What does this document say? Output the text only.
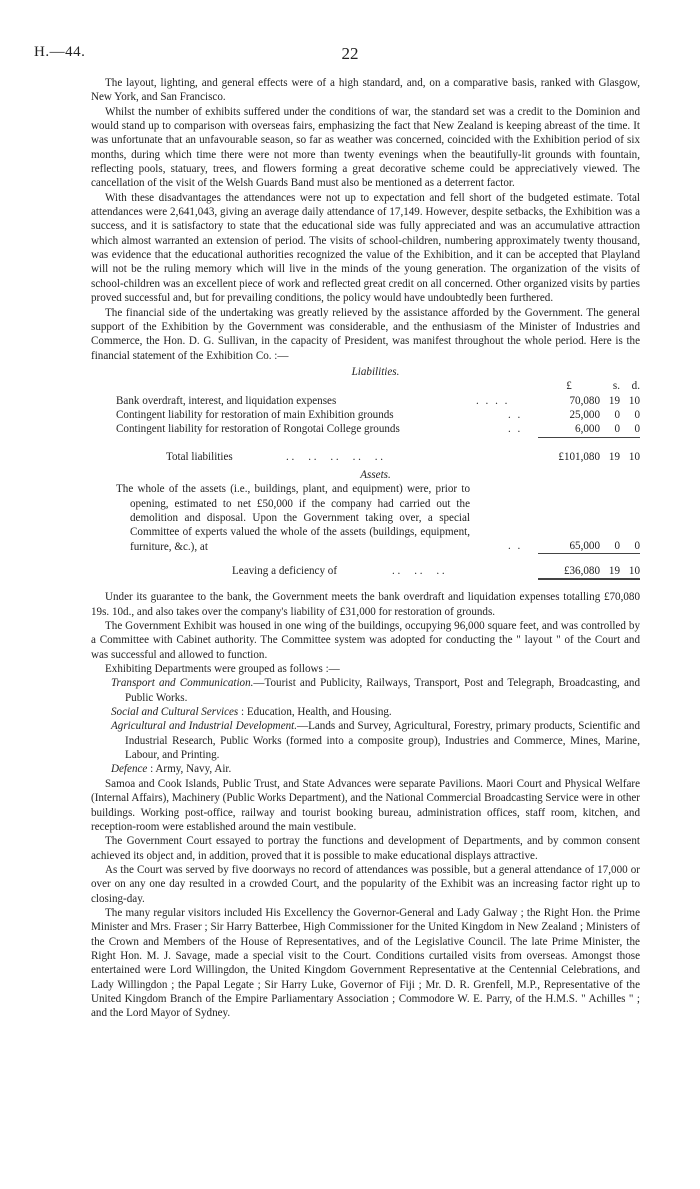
H.—44.	22

The layout, lighting, and general effects were of a high standard, and, on a comparative basis, ranked with Glasgow, New York, and San Francisco.

Whilst the number of exhibits suffered under the conditions of war, the standard set was a credit to the Dominion and would stand up to comparison with overseas fairs, emphasizing the fact that New Zealand is keeping abreast of the time. It was unfortunate that an unfavourable season, so far as weather was concerned, coincided with the Exhibition period of six months, during which time there were not more than twenty evenings when the beautifully-lit grounds with fountain, reflecting pools, statuary, trees, and flowers forming a great decorative scheme could be appreciatively viewed. The cancellation of the visit of the Welsh Guards Band must also be mentioned as a deterrent factor.

With these disadvantages the attendances were not up to expectation and fell short of the budgeted estimate. Total attendances were 2,641,043, giving an average daily attendance of 17,149. However, despite setbacks, the Exhibition was a success, and it is satisfactory to state that the educational side was fully appreciated and was an accumulative attraction which almost warranted an extension of period. The visits of school-children, numbering approximately twenty thousand, was evidence that the educational authorities recognized the value of the Exhibition, and it can be accepted that Playland will not be the ruling memory which will live in the minds of the young generation. The organization of the visits of school-children was an excellent piece of work and reflected great credit on all concerned. Other organized visits by parties proved successful and, but for prevailing conditions, the policy would have undoubtedly been furthered.

The financial side of the undertaking was greatly relieved by the assistance afforded by the Government. The general support of the Exhibition by the Government was considerable, and the enthusiasm of the Minister of Industries and Commerce, the Hon. D. G. Sullivan, in the capacity of President, was manifest throughout the whole period. Here is the financial statement of the Exhibition Co. :—

Liabilities.
£	s.	d.
Bank overdraft, interest, and liquidation expenses	. . . .	70,080 19 10
Contingent liability for restoration of main Exhibition grounds	. .	25,000	0	0
Contingent liability for restoration of Rongotai College grounds	. .	6,000	0	0
Total liabilities	. .     . .     . .     . .     . .	£101,080 19 10
Assets.
The whole of the assets (i.e., buildings, plant, and equipment) were, prior to opening, estimated to net £50,000 if the company had carried out the demolition and disposal. Upon the Government taking over, a special Committee of experts valued the whole of the assets (buildings, equipment, furniture, &c.), at	. .	65,000	0	0
Leaving a deficiency of	. .     . .     . .	£36,080 19 10

Under its guarantee to the bank, the Government meets the bank overdraft and liquidation expenses totalling £70,080 19s. 10d., and also takes over the company's liability of £31,000 for restoration of grounds.

The Government Exhibit was housed in one wing of the buildings, occupying 96,000 square feet, and was controlled by a Committee with Cabinet authority. The Committee system was adopted for conducting the " layout " of the Court and was successful and allowed to function.

Exhibiting Departments were grouped as follows :—

Transport and Communication.—Tourist and Publicity, Railways, Transport, Post and Telegraph, Broadcasting, and Public Works.

Social and Cultural Services : Education, Health, and Housing.

Agricultural and Industrial Development.—Lands and Survey, Agricultural, Forestry, primary products, Scientific and Industrial Research, Public Works (formed into a composite group), Industries and Commerce, Mines, Marine, Labour, and Printing.

Defence : Army, Navy, Air.

Samoa and Cook Islands, Public Trust, and State Advances were separate Pavilions. Maori Court and Physical Welfare (Internal Affairs), Machinery (Public Works Department), and the National Commercial Broadcasting Service were in other buildings. Working post-office, railway and tourist booking bureau, administration offices, staff room, kitchen, and reception-room were established around the main vestibule.

The Government Court essayed to portray the functions and development of Departments, and by common consent achieved its object and, in addition, proved that it is possible to make educational displays attractive.

As the Court was served by five doorways no record of attendances was possible, but a general attendance of 17,000 or over on any one day resulted in a crowded Court, and the popularity of the Exhibit was an increasing factor right up to closing-day.

The many regular visitors included His Excellency the Governor-General and Lady Galway ; the Right Hon. the Prime Minister and Mrs. Fraser ; Sir Harry Batterbee, High Commissioner for the United Kingdom in New Zealand ; Ministers of the Crown and Members of the House of Representatives, and of the Legislative Council. The late Prime Minister, the Right Hon. M. J. Savage, made a special visit to the Court. Conditions curtailed visits from overseas. Amongst those entertained were Lord Willingdon, the United Kingdom Government Representative at the Centennial Celebrations, and Lady Willingdon ; the Papal Legate ; Sir Harry Luke, Governor of Fiji ; Mr. D. R. Grenfell, M.P., Representative of the United Kingdom Branch of the Empire Parliamentary Association ; Commodore W. E. Parry, of the H.M.S. " Achilles " ; and the Lord Mayor of Sydney.
